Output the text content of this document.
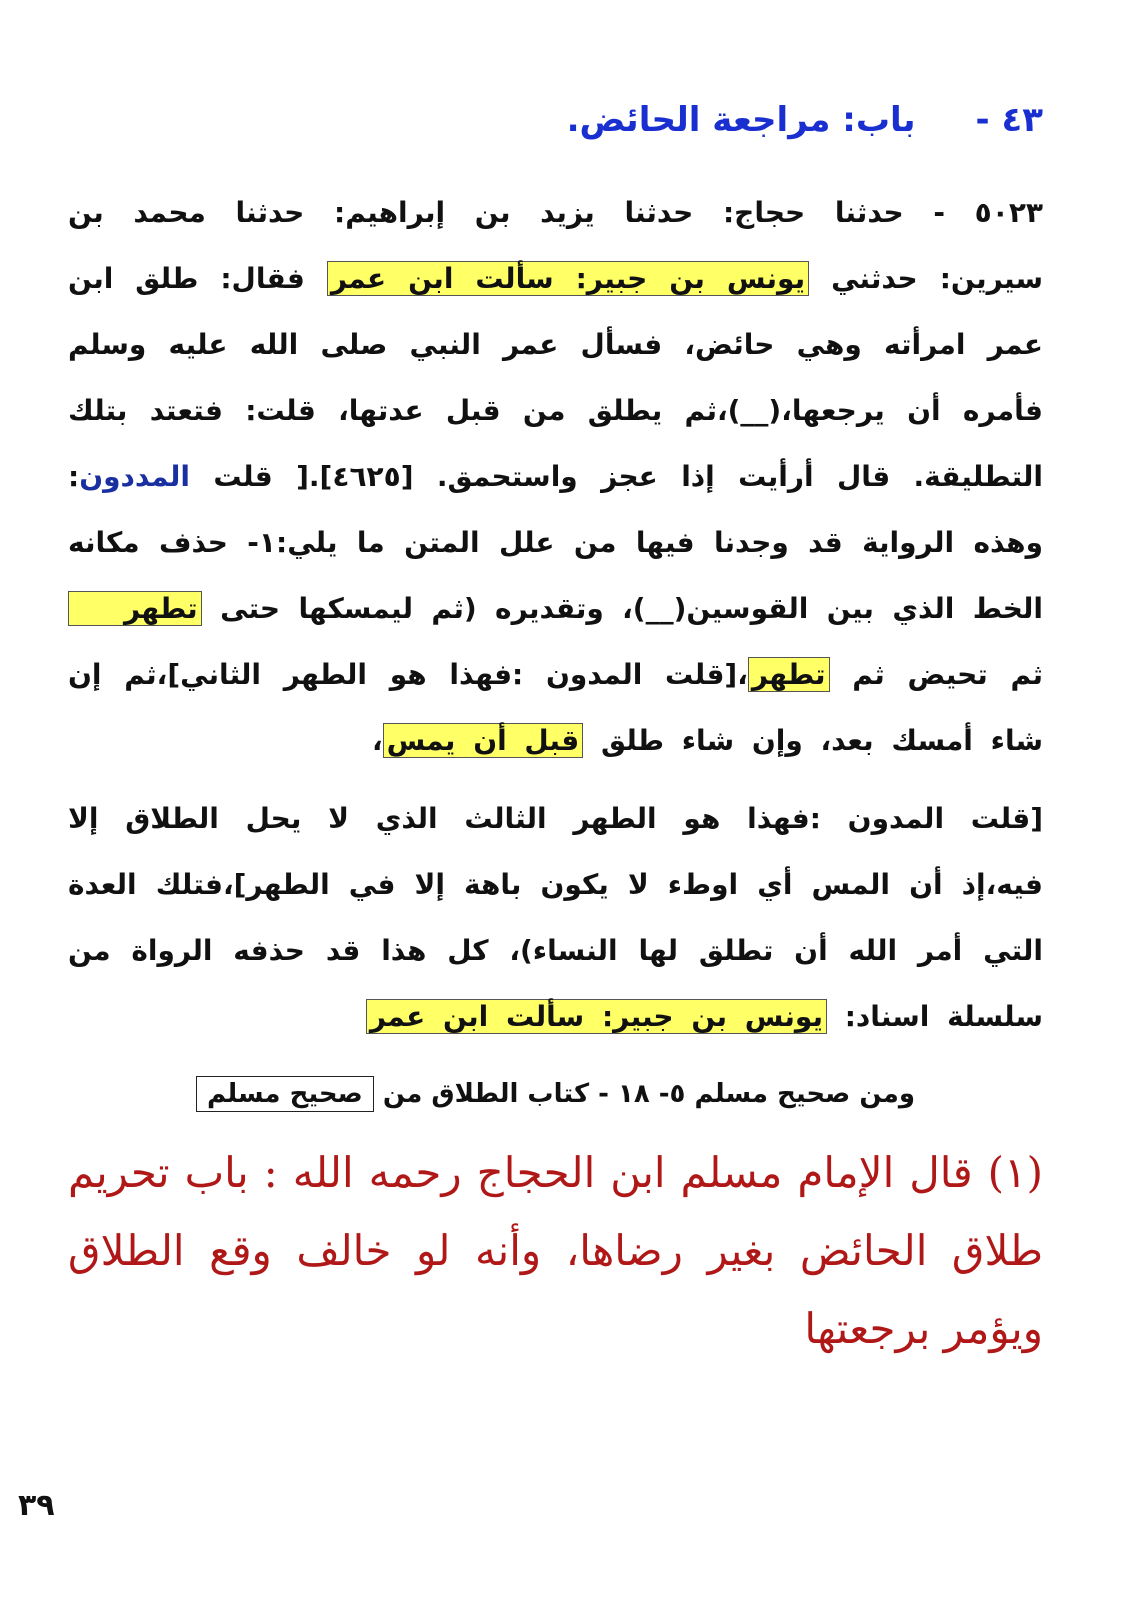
٤٣ -باب: مراجعة الحائض.

٥٠٢٣ - حدثنا حجاج: حدثنا يزيد بن إبراهيم: حدثنا محمد بن سيرين: حدثني يونس بن جبير: سألت ابن عمر فقال: طلق ابن عمر امرأته وهي حائض، فسأل عمر النبي صلى الله عليه وسلم فأمره أن يرجعها،(__)،ثم يطلق من قبل عدتها، قلت: فتعتد بتلك التطليقة. قال أرأيت إذا عجز واستحمق. [٤٦٢٥].[ قلت المددون: وهذه الرواية قد وجدنا فيها من علل المتن ما يلي:١- حذف مكانه الخط الذي بين القوسين(__)، وتقديره (ثم ليمسكها حتى تطهر ثم تحيض ثم تطهر،[قلت المدون :فهذا هو الطهر الثاني]،ثم إن شاء أمسك بعد، وإن شاء طلق قبل أن يمس،

[قلت المدون :فهذا هو الطهر الثالث الذي لا يحل الطلاق إلا فيه،إذ أن المس أي اوطء لا يكون باهة إلا في الطهر]،فتلك العدة التي أمر الله أن تطلق لها النساء)، كل هذا قد حذفه الرواة من سلسلة اسناد: يونس بن جبير: سألت ابن عمر

ومن صحيح مسلم ٥- ١٨ - كتاب الطلاق من صحيح مسلم
(١) قال الإمام مسلم ابن الحجاج رحمه الله : باب تحريم طلاق الحائض بغير رضاها، وأنه لو خالف وقع الطلاق ويؤمر برجعتها
٣٩
